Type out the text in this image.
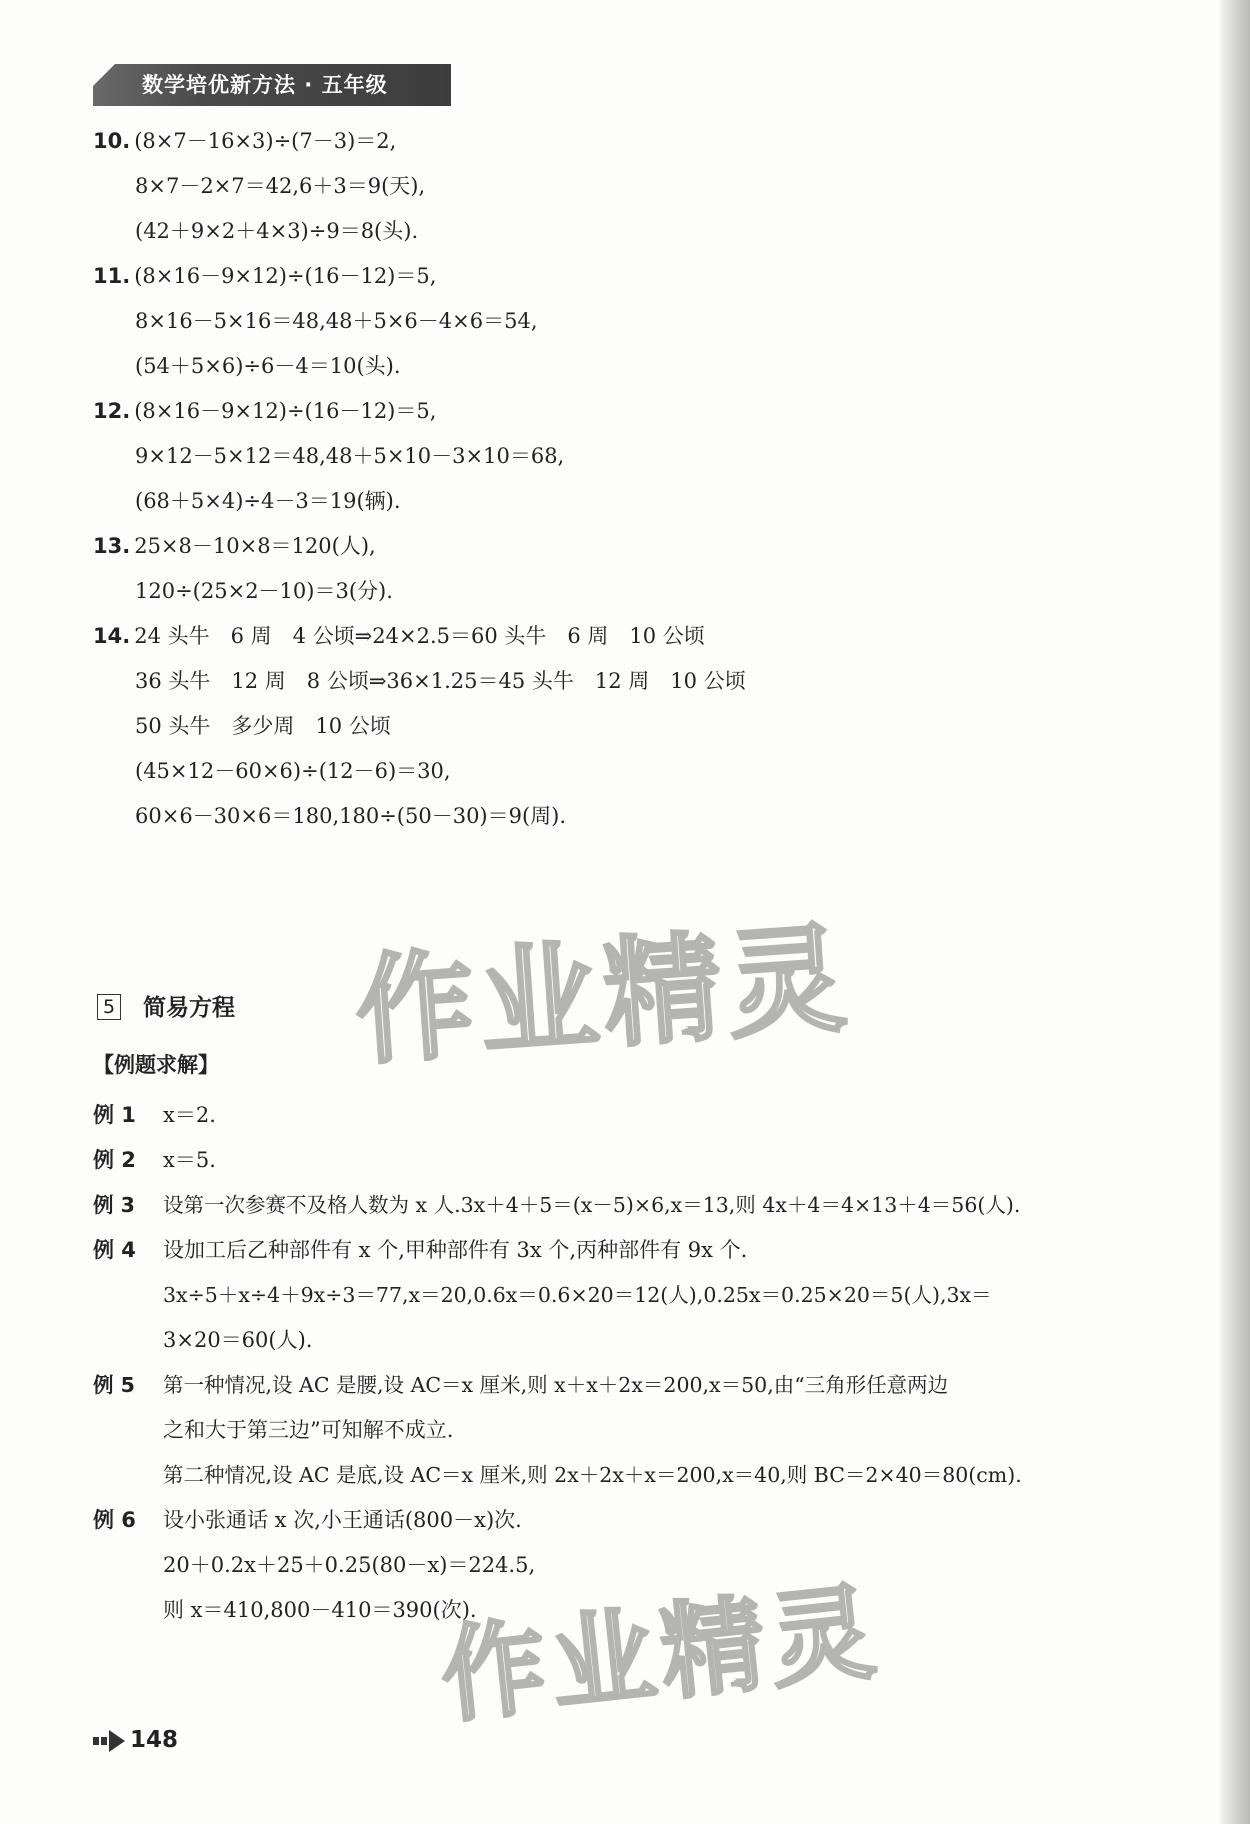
数学培优新方法 · 五年级
10. (8×7－16×3)÷(7－3)＝2,
8×7－2×7＝42,6＋3＝9(天),
(42＋9×2＋4×3)÷9＝8(头).
11. (8×16－9×12)÷(16－12)＝5,
8×16－5×16＝48,48＋5×6－4×6＝54,
(54＋5×6)÷6－4＝10(头).
12. (8×16－9×12)÷(16－12)＝5,
9×12－5×12＝48,48＋5×10－3×10＝68,
(68＋5×4)÷4－3＝19(辆).
13. 25×8－10×8＝120(人),
120÷(25×2－10)＝3(分).
14. 24 头牛　6 周　4 公顷⇒24×2.5＝60 头牛　6 周　10 公顷
36 头牛　12 周　8 公顷⇒36×1.25＝45 头牛　12 周　10 公顷
50 头牛　多少周　10 公顷
(45×12－60×6)÷(12－6)＝30,
60×6－30×6＝180,180÷(50－30)＝9(周).
5 简易方程
【例题求解】
例 1 x＝2.
例 2 x＝5.
例 3 设第一次参赛不及格人数为 x 人.3x＋4＋5＝(x－5)×6,x＝13,则 4x＋4＝4×13＋4＝56(人).
例 4 设加工后乙种部件有 x 个,甲种部件有 3x 个,丙种部件有 9x 个.
3x÷5＋x÷4＋9x÷3＝77,x＝20,0.6x＝0.6×20＝12(人),0.25x＝0.25×20＝5(人),3x＝
3×20＝60(人).
例 5 第一种情况,设 AC 是腰,设 AC＝x 厘米,则 x＋x＋2x＝200,x＝50,由“三角形任意两边
之和大于第三边”可知解不成立.
第二种情况,设 AC 是底,设 AC＝x 厘米,则 2x＋2x＋x＝200,x＝40,则 BC＝2×40＝80(cm).
例 6 设小张通话 x 次,小王通话(800－x)次.
20＋0.2x＋25＋0.25(80－x)＝224.5,
则 x＝410,800－410＝390(次).
作业精灵
作业精灵
148
